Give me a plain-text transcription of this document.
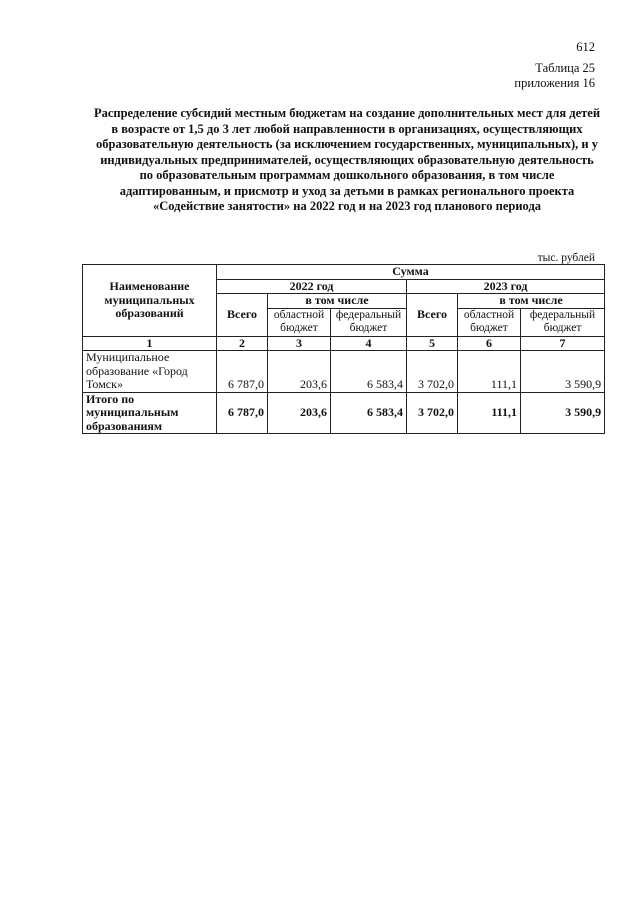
612
Таблица 25
приложения 16
Распределение субсидий местным бюджетам на создание дополнительных мест для детей в возрасте от 1,5 до 3 лет любой направленности в организациях, осуществляющих образовательную деятельность (за исключением государственных, муниципальных), и у индивидуальных предпринимателей, осуществляющих образовательную деятельность по образовательным программам дошкольного образования, в том числе адаптированным, и присмотр и уход за детьми в рамках регионального проекта «Содействие занятости» на 2022 год и на 2023 год планового периода
тыс. рублей
Наименование муниципальных образований	Сумма					
	2022 год			2023 год		
	Всего	в том числе		Всего	в том числе	
		областной бюджет	федеральный бюджет		областной бюджет	федеральный бюджет
1	2	3	4	5	6	7
Муниципальное образование «Город Томск»	6 787,0	203,6	6 583,4	3 702,0	111,1	3 590,9
Итого по муниципальным образованиям	6 787,0	203,6	6 583,4	3 702,0	111,1	3 590,9
